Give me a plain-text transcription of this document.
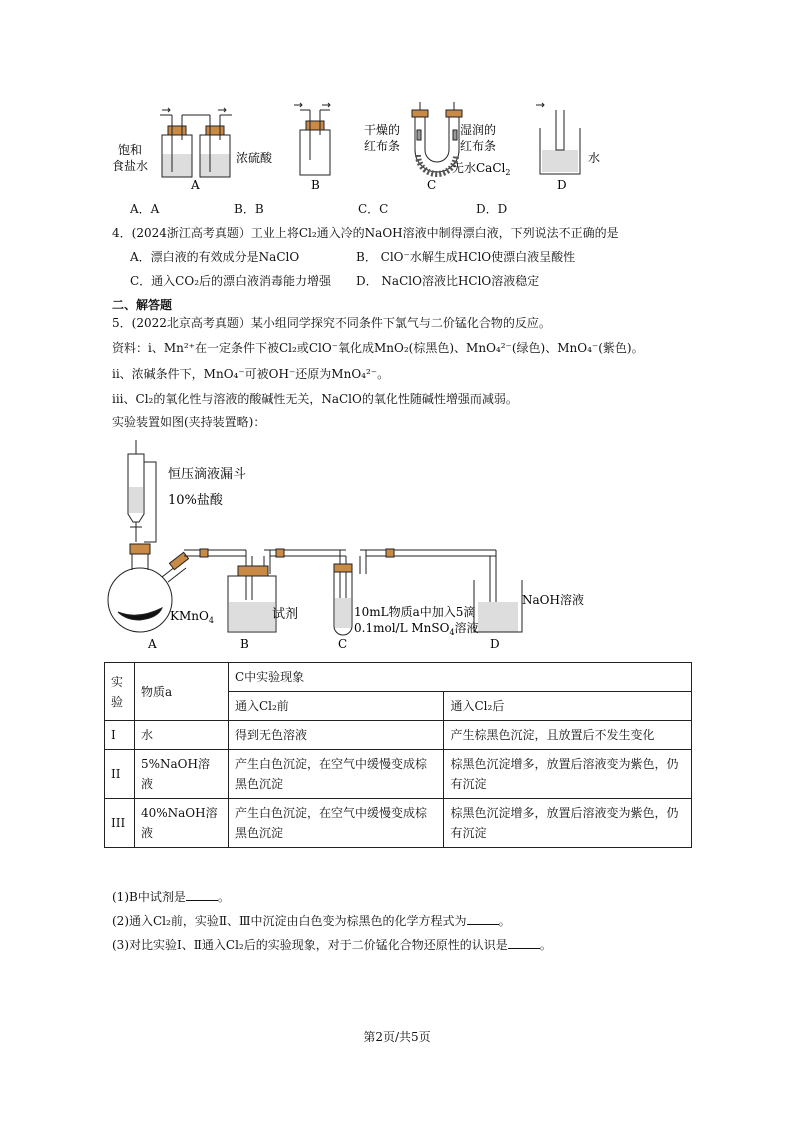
饱和
食盐水
浓硫酸
A	B
干燥的
红布条
湿润的
红布条
无水CaCl$_2$
C
水
D
A．A	B．B	C．C	D．D
4．(2024浙江高考真题）工业上将Cl₂通入冷的NaOH溶液中制得漂白液，下列说法不正确的是
A．漂白液的有效成分是NaClO	B． ClO⁻水解生成HClO使漂白液呈酸性
C．通入CO₂后的漂白液消毒能力增强 D． NaClO溶液比HClO溶液稳定
二、解答题
5．(2022北京高考真题）某小组同学探究不同条件下氯气与二价锰化合物的反应。
资料：i、Mn²⁺在一定条件下被Cl₂或ClO⁻氧化成MnO₂(棕黑色)、MnO₄²⁻(绿色)、MnO₄⁻(紫色)。
ii、浓碱条件下，MnO₄⁻可被OH⁻还原为MnO₄²⁻。
iii、Cl₂的氧化性与溶液的酸碱性无关，NaClO的氧化性随碱性增强而减弱。
实验装置如图(夹持装置略)：
恒压滴液漏斗
10%盐酸
KMnO$_4$	试剂	10mL物质a中加入5滴
0.1mol/L MnSO$_4$溶液
NaOH溶液
A	B	C	D
实
验	物质a	C中实验现象	
		通入Cl₂前	通入Cl₂后
I	水	得到无色溶液	产生棕黑色沉淀，且放置后不发生变化
II	5%NaOH溶液	产生白色沉淀，在空气中缓慢变成棕黑色沉淀	棕黑色沉淀增多，放置后溶液变为紫色，仍有沉淀
III	40%NaOH溶液	产生白色沉淀，在空气中缓慢变成棕黑色沉淀	棕黑色沉淀增多，放置后溶液变为紫色，仍有沉淀
(1)B中试剂是	。
(2)通入Cl₂前，实验Ⅱ、Ⅲ中沉淀由白色变为棕黑色的化学方程式为	。
(3)对比实验Ⅰ、Ⅱ通入Cl₂后的实验现象，对于二价锰化合物还原性的认识是	。
第2页/共5页
